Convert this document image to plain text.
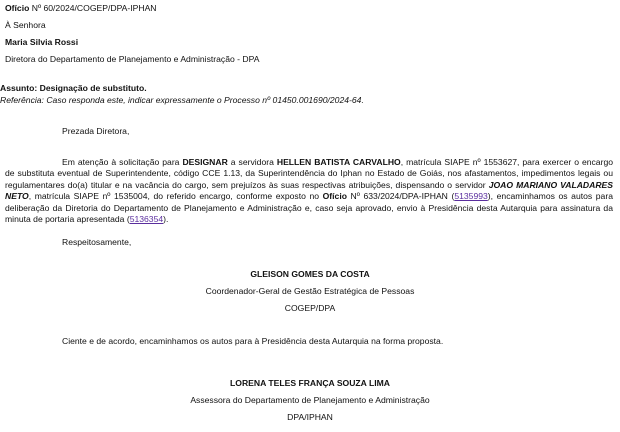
Ofício Nº 60/2024/COGEP/DPA-IPHAN
À Senhora
Maria Silvia Rossi
Diretora do Departamento de Planejamento e Administração - DPA
Assunto: Designação de substituto.
Referência: Caso responda este, indicar expressamente o Processo nº 01450.001690/2024-64.
Prezada Diretora,
Em atenção à solicitação para DESIGNAR a servidora HELLEN BATISTA CARVALHO, matrícula SIAPE nº 1553627, para exercer o encargo de substituta eventual de Superintendente, código CCE 1.13, da Superintendência do Iphan no Estado de Goiás, nos afastamentos, impedimentos legais ou regulamentares do(a) titular e na vacância do cargo, sem prejuízos às suas respectivas atribuições, dispensando o servidor JOAO MARIANO VALADARES NETO, matrícula SIAPE nº 1535004, do referido encargo, conforme exposto no Ofício Nº 633/2024/DPA-IPHAN (5135993), encaminhamos os autos para deliberação da Diretoria do Departamento de Planejamento e Administração e, caso seja aprovado, envio à Presidência desta Autarquia para assinatura da minuta de portaria apresentada (5136354).
Respeitosamente,
GLEISON GOMES DA COSTA
Coordenador-Geral de Gestão Estratégica de Pessoas
COGEP/DPA
Ciente e de acordo, encaminhamos os autos para à Presidência desta Autarquia na forma proposta.
LORENA TELES FRANÇA SOUZA LIMA
Assessora do Departamento de Planejamento e Administração
DPA/IPHAN
